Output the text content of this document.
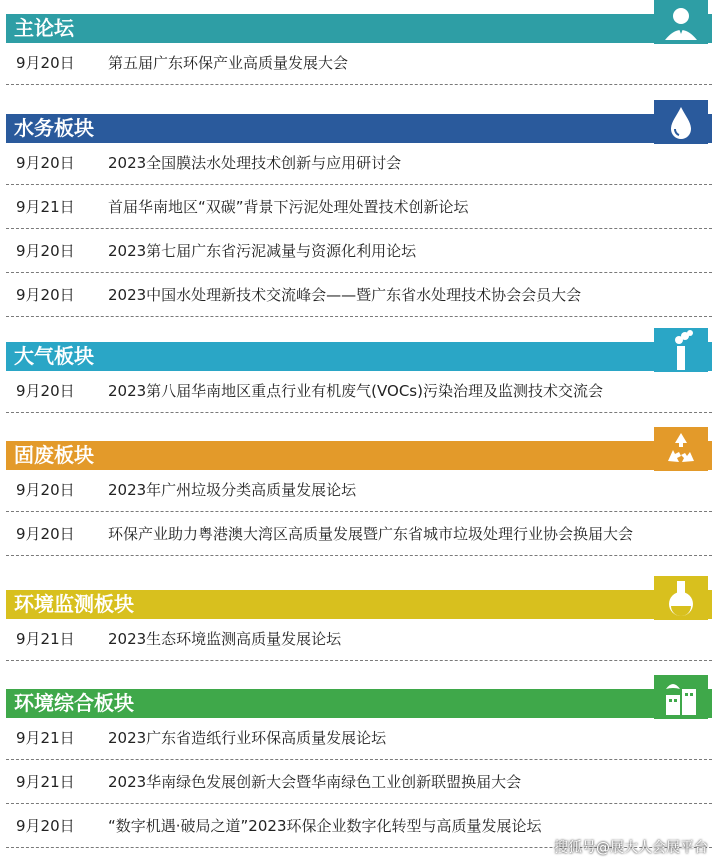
主论坛
9月20日 第五届广东环保产业高质量发展大会
水务板块
9月20日 2023全国膜法水处理技术创新与应用研讨会
9月21日 首届华南地区“双碳”背景下污泥处理处置技术创新论坛
9月20日 2023第七届广东省污泥减量与资源化利用论坛
9月20日 2023中国水处理新技术交流峰会——暨广东省水处理技术协会会员大会
大气板块
9月20日 2023第八届华南地区重点行业有机废气(VOCs)污染治理及监测技术交流会
固废板块
9月20日 2023年广州垃圾分类高质量发展论坛
9月20日 环保产业助力粤港澳大湾区高质量发展暨广东省城市垃圾处理行业协会换届大会
环境监测板块
9月21日 2023生态环境监测高质量发展论坛
环境综合板块
9月21日 2023广东省造纸行业环保高质量发展论坛
9月21日 2023华南绿色发展创新大会暨华南绿色工业创新联盟换届大会
9月20日 “数字机遇·破局之道”2023环保企业数字化转型与高质量发展论坛
搜狐号@展大人会展平台
